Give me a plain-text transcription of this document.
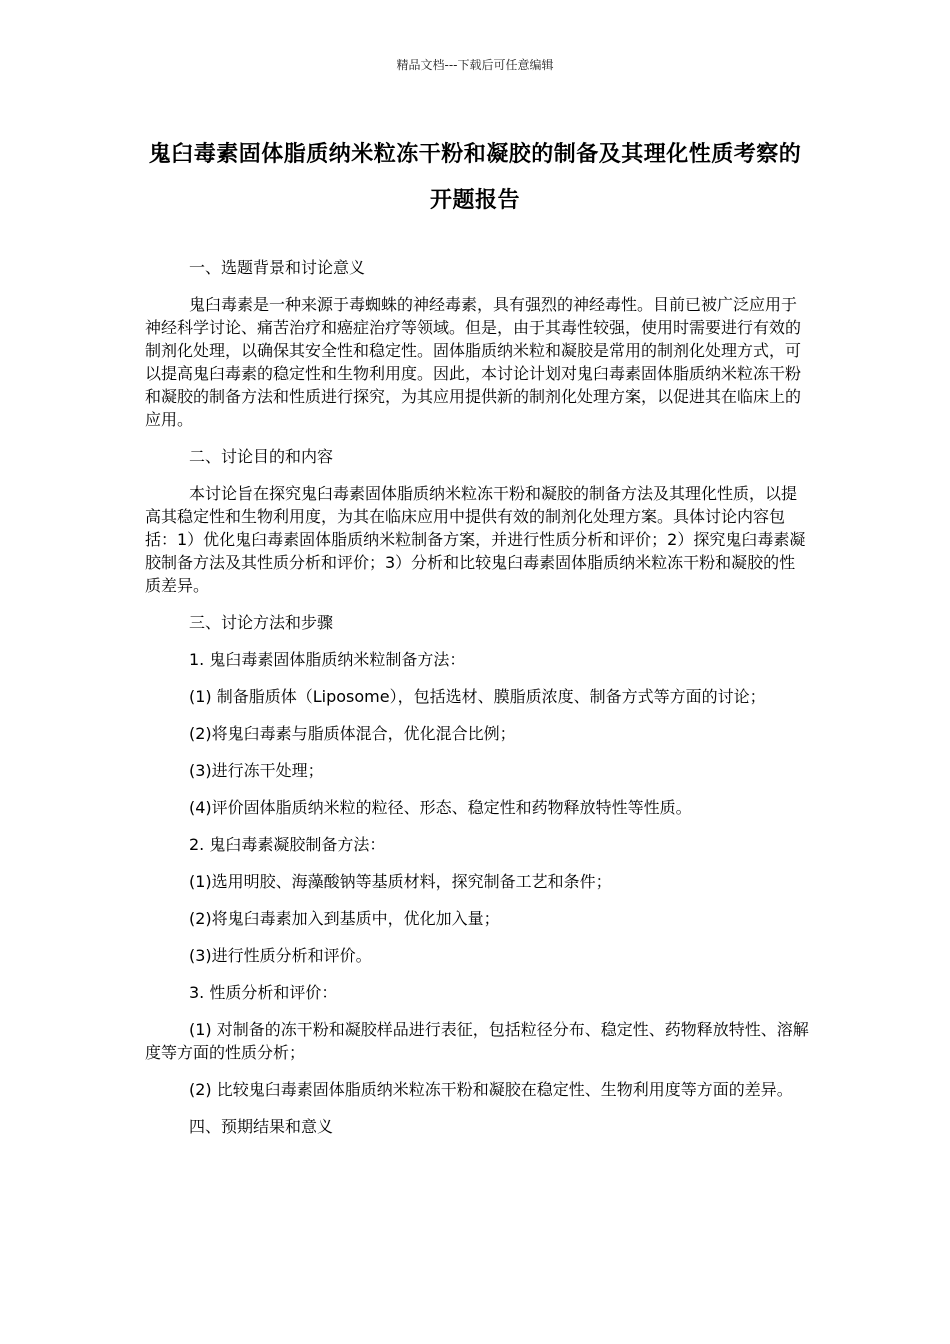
精品文档---下载后可任意编辑
鬼臼毒素固体脂质纳米粒冻干粉和凝胶的制备及其理化性质考察的开题报告

一、选题背景和讨论意义

鬼臼毒素是一种来源于毒蜘蛛的神经毒素，具有强烈的神经毒性。目前已被广泛应用于神经科学讨论、痛苦治疗和癌症治疗等领域。但是，由于其毒性较强，使用时需要进行有效的制剂化处理，以确保其安全性和稳定性。固体脂质纳米粒和凝胶是常用的制剂化处理方式，可以提高鬼臼毒素的稳定性和生物利用度。因此，本讨论计划对鬼臼毒素固体脂质纳米粒冻干粉和凝胶的制备方法和性质进行探究，为其应用提供新的制剂化处理方案，以促进其在临床上的应用。

二、讨论目的和内容

本讨论旨在探究鬼臼毒素固体脂质纳米粒冻干粉和凝胶的制备方法及其理化性质，以提高其稳定性和生物利用度，为其在临床应用中提供有效的制剂化处理方案。具体讨论内容包括：1）优化鬼臼毒素固体脂质纳米粒制备方案，并进行性质分析和评价；2）探究鬼臼毒素凝胶制备方法及其性质分析和评价；3）分析和比较鬼臼毒素固体脂质纳米粒冻干粉和凝胶的性质差异。

三、讨论方法和步骤

1. 鬼臼毒素固体脂质纳米粒制备方法：

(1) 制备脂质体（Liposome），包括选材、膜脂质浓度、制备方式等方面的讨论；

(2)将鬼臼毒素与脂质体混合，优化混合比例；

(3)进行冻干处理；

(4)评价固体脂质纳米粒的粒径、形态、稳定性和药物释放特性等性质。

2. 鬼臼毒素凝胶制备方法：

(1)选用明胶、海藻酸钠等基质材料，探究制备工艺和条件；

(2)将鬼臼毒素加入到基质中，优化加入量；

(3)进行性质分析和评价。

3. 性质分析和评价：

(1) 对制备的冻干粉和凝胶样品进行表征，包括粒径分布、稳定性、药物释放特性、溶解度等方面的性质分析；

(2) 比较鬼臼毒素固体脂质纳米粒冻干粉和凝胶在稳定性、生物利用度等方面的差异。

四、预期结果和意义
